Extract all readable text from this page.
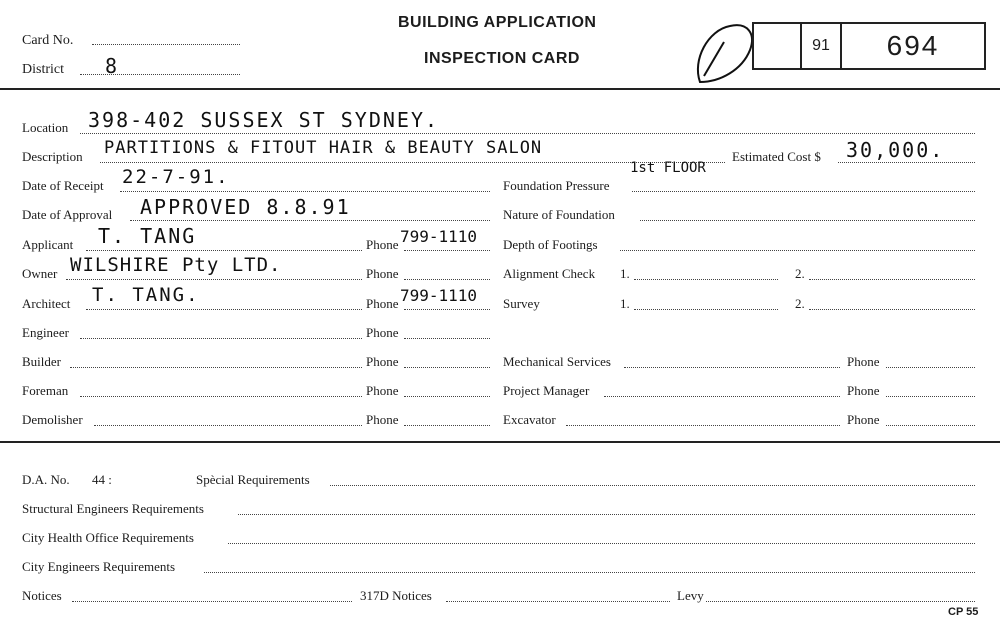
Card No.
District 8
BUILDING APPLICATION
INSPECTION CARD
91	694
Location 398-402 SUSSEX ST SYDNEY.
Description PARTITIONS & FITOUT HAIR & BEAUTY SALON
1st FLOOR
Estimated Cost $ 30,000.
Date of Receipt 22-7-91.
Date of Approval APPROVED 8.8.91
Applicant T. TANG	Phone 799-1110
Owner WILSHIRE Pty LTD.	Phone
Architect T. TANG.	Phone 799-1110
Engineer	Phone
Builder	Phone
Foreman	Phone
Demolisher	Phone
Foundation Pressure
Nature of Foundation
Depth of Footings
Alignment Check 1.	2.
Survey	1.	2.
Mechanical Services	Phone
Project Manager	Phone
Excavator	Phone
D.A. No. 44 :	Spècial Requirements
Structural Engineers Requirements
City Health Office Requirements
City Engineers Requirements
Notices	317D Notices	Levy
CP 55
